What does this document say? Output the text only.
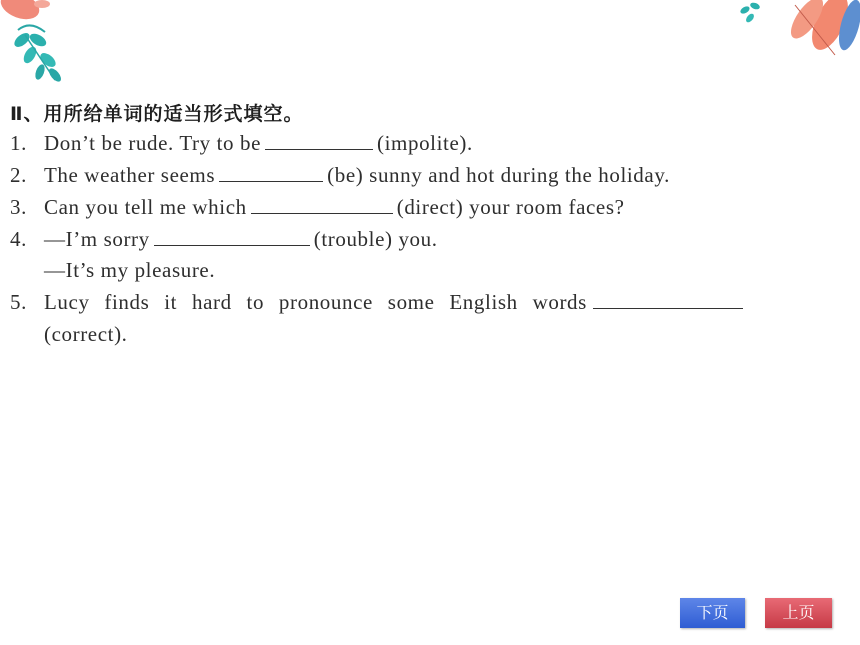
Ⅱ、用所给单词的适当形式填空。
1. Don’t be rude. Try to be	(impolite).
2. The weather seems	(be) sunny and hot during the holiday.
3. Can you tell me which	(direct) your room faces?
4. —I’m sorry	(trouble) you.
—It’s my pleasure.
5. Lucy finds it hard to pronounce some English words
(correct).
下页	上页
